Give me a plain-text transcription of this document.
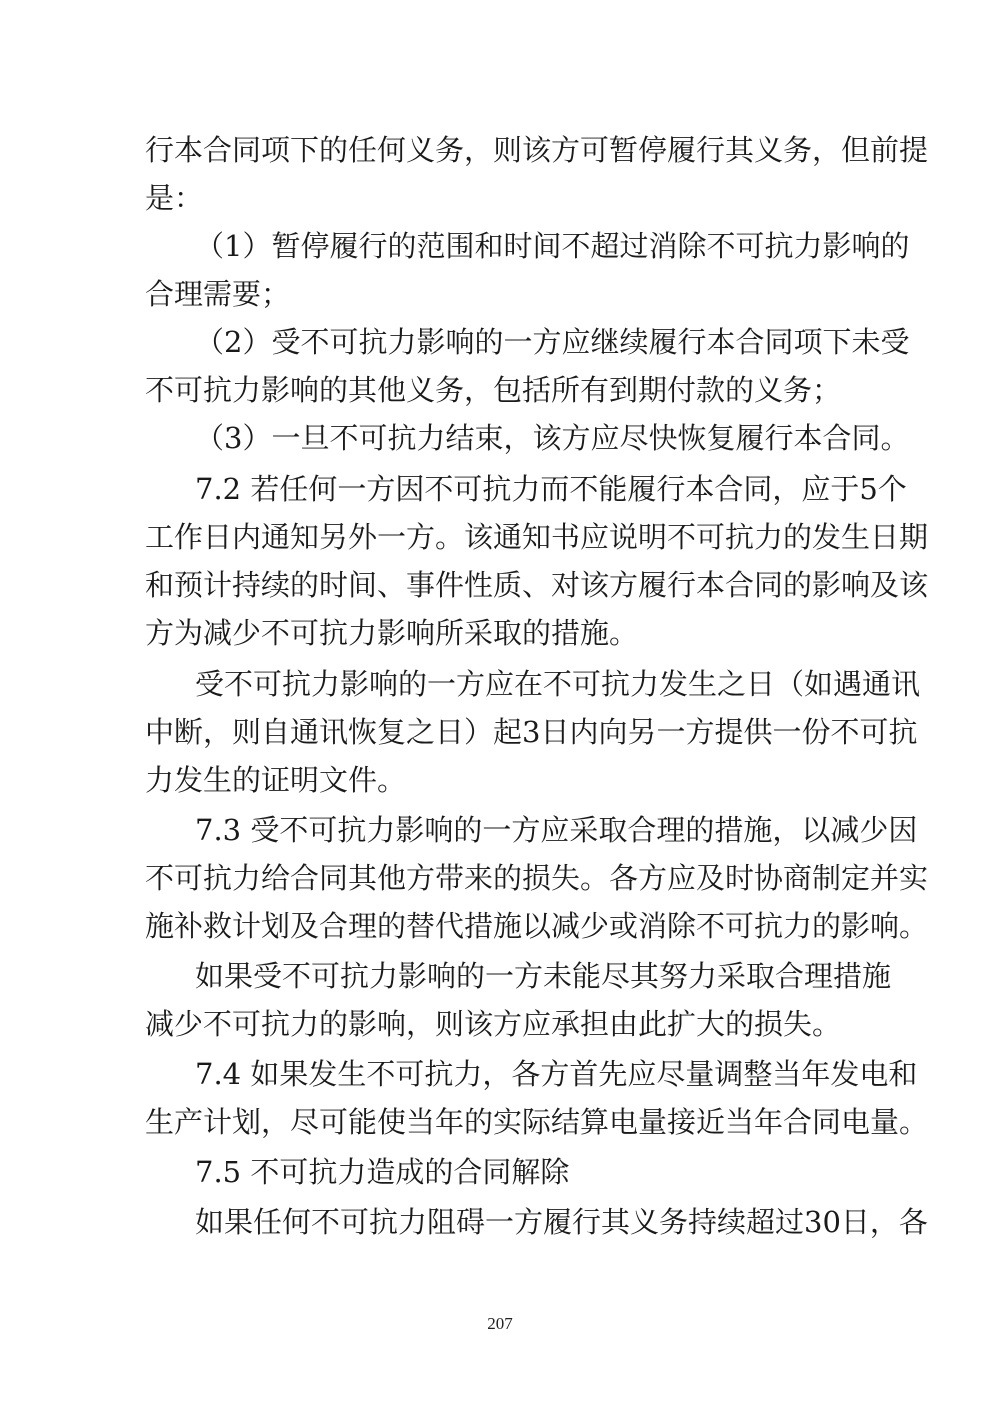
行本合同项下的任何义务，则该方可暂停履行其义务，但前提
是：
（1）暂停履行的范围和时间不超过消除不可抗力影响的
合理需要；
（2）受不可抗力影响的一方应继续履行本合同项下未受
不可抗力影响的其他义务，包括所有到期付款的义务；
（3）一旦不可抗力结束，该方应尽快恢复履行本合同。
7.2 若任何一方因不可抗力而不能履行本合同，应于5个
工作日内通知另外一方。该通知书应说明不可抗力的发生日期
和预计持续的时间、事件性质、对该方履行本合同的影响及该
方为减少不可抗力影响所采取的措施。
受不可抗力影响的一方应在不可抗力发生之日（如遇通讯
中断，则自通讯恢复之日）起3日内向另一方提供一份不可抗
力发生的证明文件。
7.3 受不可抗力影响的一方应采取合理的措施，以减少因
不可抗力给合同其他方带来的损失。各方应及时协商制定并实
施补救计划及合理的替代措施以减少或消除不可抗力的影响。
如果受不可抗力影响的一方未能尽其努力采取合理措施
减少不可抗力的影响，则该方应承担由此扩大的损失。
7.4 如果发生不可抗力，各方首先应尽量调整当年发电和
生产计划，尽可能使当年的实际结算电量接近当年合同电量。
7.5 不可抗力造成的合同解除
如果任何不可抗力阻碍一方履行其义务持续超过30日，各
207
